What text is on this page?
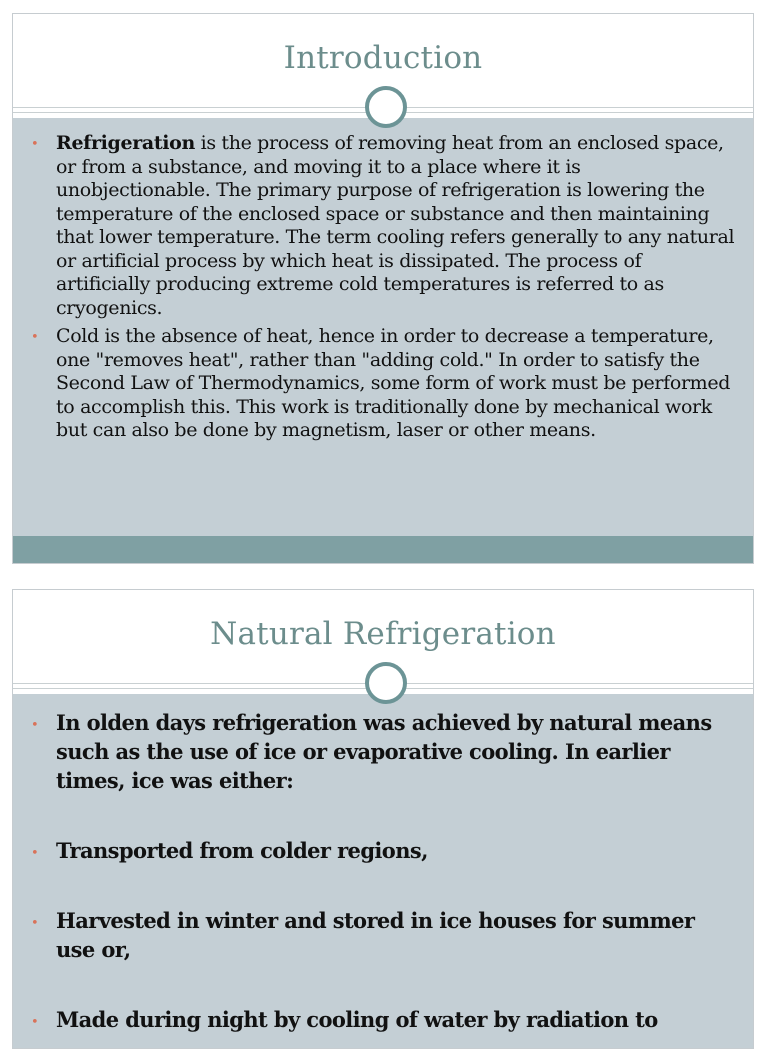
Introduction
• Refrigeration is the process of removing heat from an enclosed space, or from a substance, and moving it to a place where it is unobjectionable. The primary purpose of refrigeration is lowering the temperature of the enclosed space or substance and then maintaining that lower temperature. The term cooling refers generally to any natural or artificial process by which heat is dissipated. The process of artificially producing extreme cold temperatures is referred to as cryogenics.
• Cold is the absence of heat, hence in order to decrease a temperature, one "removes heat", rather than "adding cold." In order to satisfy the Second Law of Thermodynamics, some form of work must be performed to accomplish this. This work is traditionally done by mechanical work but can also be done by magnetism, laser or other means.
Natural Refrigeration
• In olden days refrigeration was achieved by natural means such as the use of ice or evaporative cooling. In earlier times, ice was either:
• Transported from colder regions,
• Harvested in winter and stored in ice houses for summer use or,
• Made during night by cooling of water by radiation to
